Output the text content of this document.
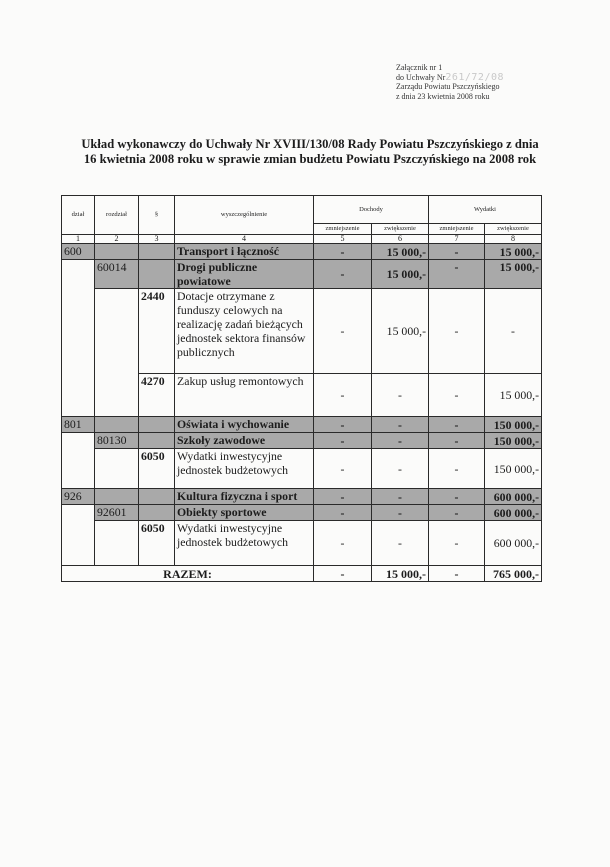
Załącznik nr 1
do Uchwały Nr261/72/08
Zarządu Powiatu Pszczyńskiego
z dnia 23 kwietnia 2008 roku
Układ wykonawczy do Uchwały Nr XVIII/130/08 Rady Powiatu Pszczyńskiego z dnia
16 kwietnia 2008 roku w sprawie zmian budżetu Powiatu Pszczyńskiego na 2008 rok
dział	rozdział	§	wyszczególnienie	Dochody		Wydatki	
				zmniejszenie	zwiększenie	zmniejszenie	zwiększenie
1	2	3	4	5	6	7	8
600			Transport i łączność	-	15 000,-	-	15 000,-
	60014		Drogi publiczne powiatowe	-	15 000,-	-	15 000,-
		2440	Dotacje otrzymane z funduszy celowych na realizację zadań bieżących jednostek sektora finansów publicznych	-	15 000,-	-	-
		4270	Zakup usług remontowych	-	-	-	15 000,-
801			Oświata i wychowanie	-	-	-	150 000,-
	80130		Szkoły zawodowe	-	-	-	150 000,-
		6050	Wydatki inwestycyjne jednostek budżetowych	-	-	-	150 000,-
926			Kultura fizyczna i sport	-	-	-	600 000,-
	92601		Obiekty sportowe	-	-	-	600 000,-
		6050	Wydatki inwestycyjne jednostek budżetowych	-	-	-	600 000,-
RAZEM:				-	15 000,-	-	765 000,-
